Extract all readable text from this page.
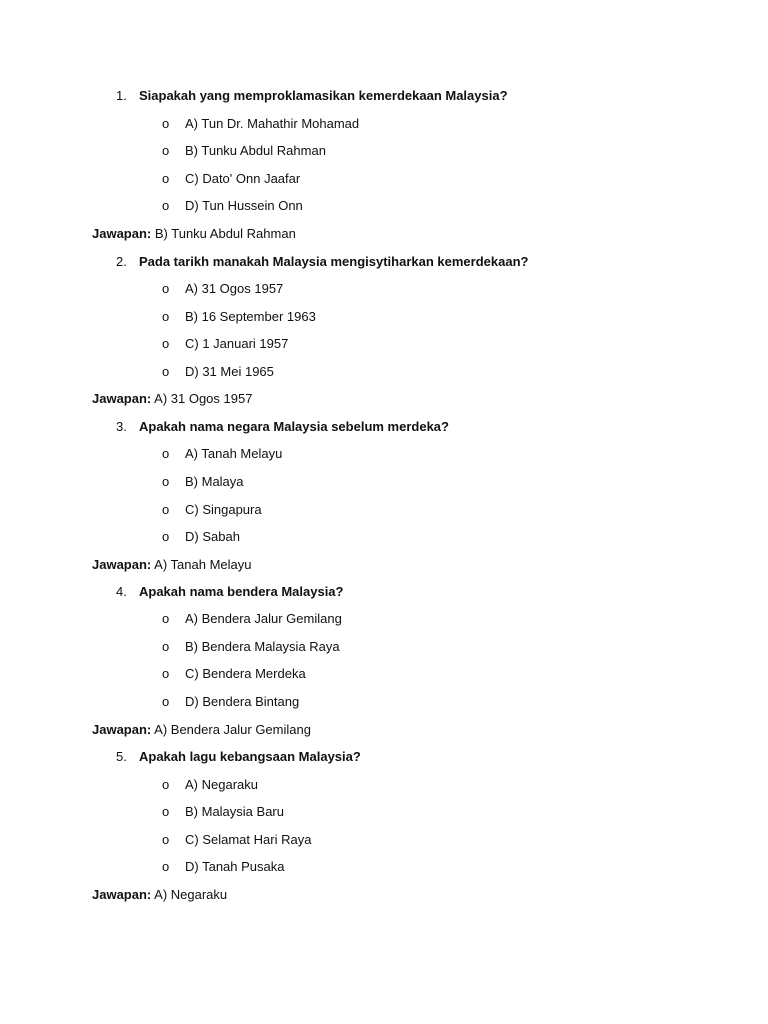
1. Siapakah yang memproklamasikan kemerdekaan Malaysia?
o A) Tun Dr. Mahathir Mohamad
o B) Tunku Abdul Rahman
o C) Dato' Onn Jaafar
o D) Tun Hussein Onn
Jawapan: B) Tunku Abdul Rahman
2. Pada tarikh manakah Malaysia mengisytiharkan kemerdekaan?
o A) 31 Ogos 1957
o B) 16 September 1963
o C) 1 Januari 1957
o D) 31 Mei 1965
Jawapan: A) 31 Ogos 1957
3. Apakah nama negara Malaysia sebelum merdeka?
o A) Tanah Melayu
o B) Malaya
o C) Singapura
o D) Sabah
Jawapan: A) Tanah Melayu
4. Apakah nama bendera Malaysia?
o A) Bendera Jalur Gemilang
o B) Bendera Malaysia Raya
o C) Bendera Merdeka
o D) Bendera Bintang
Jawapan: A) Bendera Jalur Gemilang
5. Apakah lagu kebangsaan Malaysia?
o A) Negaraku
o B) Malaysia Baru
o C) Selamat Hari Raya
o D) Tanah Pusaka
Jawapan: A) Negaraku
